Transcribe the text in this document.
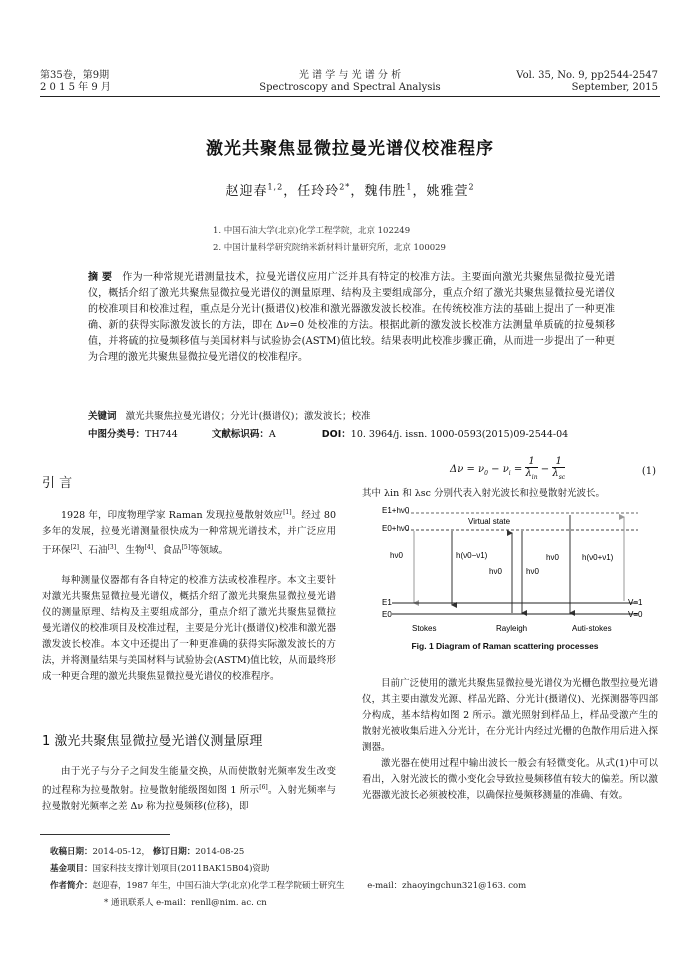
第35卷，第9期
2 0 1 5 年 9 月
光 谱 学 与 光 谱 分 析
Spectroscopy and Spectral Analysis
Vol. 35, No. 9, pp2544-2547
September, 2015
激光共聚焦显微拉曼光谱仪校准程序
赵迎春$^{1,2}$，任玲玲$^{2*}$，魏伟胜$^1$，姚雅萱$^2$
1. 中国石油大学(北京)化学工程学院，北京 102249
2. 中国计量科学研究院纳米新材料计量研究所，北京 100029
摘 要 作为一种常规光谱测量技术，拉曼光谱仪应用广泛并具有特定的校准方法。主要面向激光共聚焦显微拉曼光谱仪，概括介绍了激光共聚焦显微拉曼光谱仪的测量原理、结构及主要组成部分，重点介绍了激光共聚焦显微拉曼光谱仪的校准项目和校准过程，重点是分光计(摄谱仪)校准和激光器激发波长校准。在传统校准方法的基础上提出了一种更准确、新的获得实际激发波长的方法，即在 Δν=0 处校准的方法。根据此新的激发波长校准方法测量单质硫的拉曼频移值，并将硫的拉曼频移值与美国材料与试验协会(ASTM)值比较。结果表明此校准步骤正确，从而进一步提出了一种更为合理的激光共聚焦显微拉曼光谱仪的校准程序。
关键词 激光共聚焦拉曼光谱仪；分光计(摄谱仪)；激发波长；校准
中图分类号：TH744	文献标识码：A	DOI：10. 3964/j. issn. 1000-0593(2015)09-2544-04
引 言
1928 年，印度物理学家 Raman 发现拉曼散射效应[1]。经过 80 多年的发展，拉曼光谱测量很快成为一种常规光谱技术，并广泛应用于环保[2]、石油[3]、生物[4]、食品[5]等领域。
每种测量仪器都有各自特定的校准方法或校准程序。本文主要针对激光共聚焦显微拉曼光谱仪，概括介绍了激光共聚焦显微拉曼光谱仪的测量原理、结构及主要组成部分，重点介绍了激光共聚焦显微拉曼光谱仪的校准项目及校准过程，主要是分光计(摄谱仪)校准和激光器激发波长校准。本文中还提出了一种更准确的获得实际激发波长的方法，并将测量结果与美国材料与试验协会(ASTM)值比较，从而最终形成一种更合理的激光共聚焦显微拉曼光谱仪的校准程序。
1 激光共聚焦显微拉曼光谱仪测量原理
由于光子与分子之间发生能量交换，从而使散射光频率发生改变的过程称为拉曼散射。拉曼散射能级图如图 1 所示[6]。入射光频率与拉曼散射光频率之差 Δν 称为拉曼频移(位移)，即
$\Delta\nu = \nu_0 - \nu_i$ =
1
$\lambda_{in}$
−
1
$\lambda_{sc}$
(1)
其中 λin 和 λsc 分别代表入射光波长和拉曼散射光波长。
E1+hν0
Virtual state
E0+hν0
hν0	h(ν0−ν1)
hν0	hν0
hν0	h(ν0+ν1)
E1	V=1
E0	V=0
Stokes	Rayleigh	Auti-stokes
Fig. 1 Diagram of Raman scattering processes
目前广泛使用的激光共聚焦显微拉曼光谱仪为光栅色散型拉曼光谱仪，其主要由激发光源、样品光路、分光计(摄谱仪)、光探测器等四部分构成，基本结构如图 2 所示。激光照射到样品上，样品受激产生的散射光被收集后进入分光计，在分光计内经过光栅的色散作用后进入探测器。
激光器在使用过程中输出波长一般会有轻微变化。从式(1)中可以看出，入射光波长的微小变化会导致拉曼频移值有较大的偏差。所以激光器激光波长必须被校准，以确保拉曼频移测量的准确、有效。
收稿日期：2014-05-12， 修订日期：2014-08-25
基金项目：国家科技支撑计划项目(2011BAK15B04)资助
作者简介：赵迎春，1987 年生，中国石油大学(北京)化学工程学院硕士研究生	e-mail：zhaoyingchun321@163. com
* 通讯联系人 e-mail：renll@nim. ac. cn
